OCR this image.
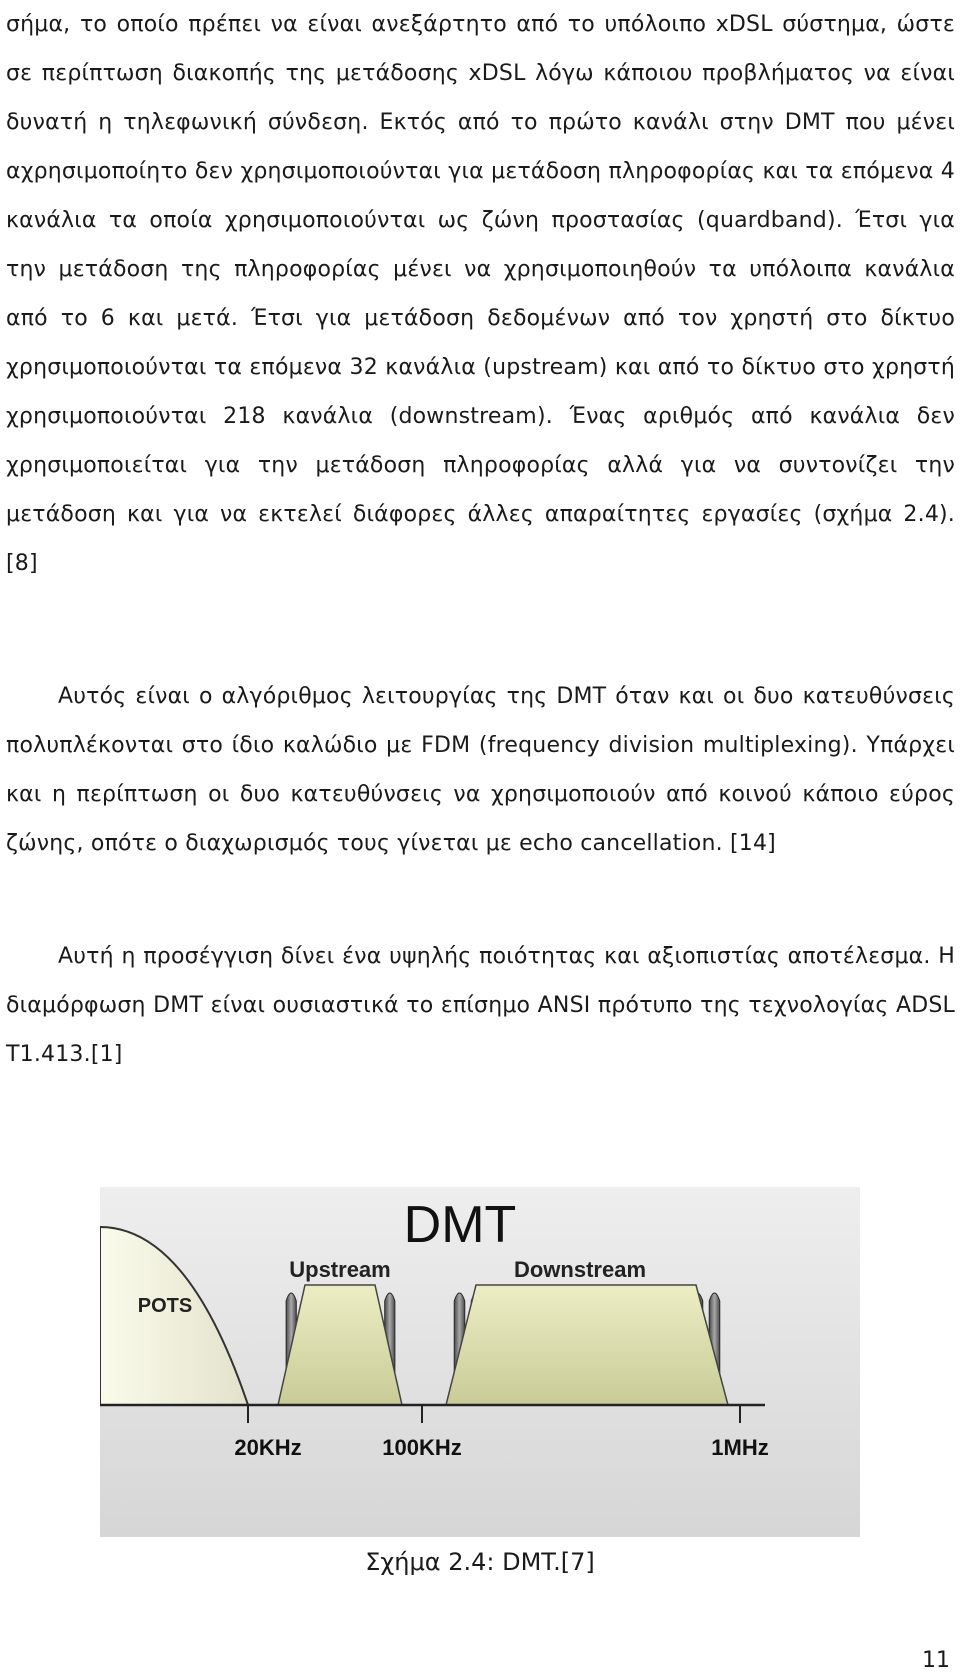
σήμα, το οποίο πρέπει να είναι ανεξάρτητο από το υπόλοιπο xDSL σύστημα, ώστε σε περίπτωση διακοπής της μετάδοσης xDSL λόγω κάποιου προβλήματος να είναι δυνατή η τηλεφωνική σύνδεση. Εκτός από το πρώτο κανάλι στην DMT που μένει αχρησιμοποίητο δεν χρησιμοποιούνται για μετάδοση πληροφορίας και τα επόμενα 4 κανάλια τα οποία χρησιμοποιούνται ως ζώνη προστασίας (quardband). Έτσι για την μετάδοση της πληροφορίας μένει να χρησιμοποιηθούν τα υπόλοιπα κανάλια από το 6 και μετά. Έτσι για μετάδοση δεδομένων από τον χρηστή στο δίκτυο χρησιμοποιούνται τα επόμενα 32 κανάλια (upstream) και από το δίκτυο στο χρηστή χρησιμοποιούνται 218 κανάλια (downstream). Ένας αριθμός από κανάλια δεν χρησιμοποιείται για την μετάδοση πληροφορίας αλλά για να συντονίζει την μετάδοση και για να εκτελεί διάφορες άλλες απαραίτητες εργασίες (σχήμα 2.4). [8]

Αυτός είναι ο αλγόριθμος λειτουργίας της DMT όταν και οι δυο κατευθύνσεις πολυπλέκονται στο ίδιο καλώδιο με FDM (frequency division multiplexing). Υπάρχει και η περίπτωση οι δυο κατευθύνσεις να χρησιμοποιούν από κοινού κάποιο εύρος ζώνης, οπότε ο διαχωρισμός τους γίνεται με echo cancellation. [14]

Αυτή η προσέγγιση δίνει ένα υψηλής ποιότητας και αξιοπιστίας αποτέλεσμα. Η διαμόρφωση DMT είναι ουσιαστικά το επίσημο ANSI πρότυπο της τεχνολογίας ADSL T1.413.[1]

DMT
Upstream	Downstream
POTS
20KHz	100KHz	1MHz

Σχήμα 2.4: DMT.[7]

11
